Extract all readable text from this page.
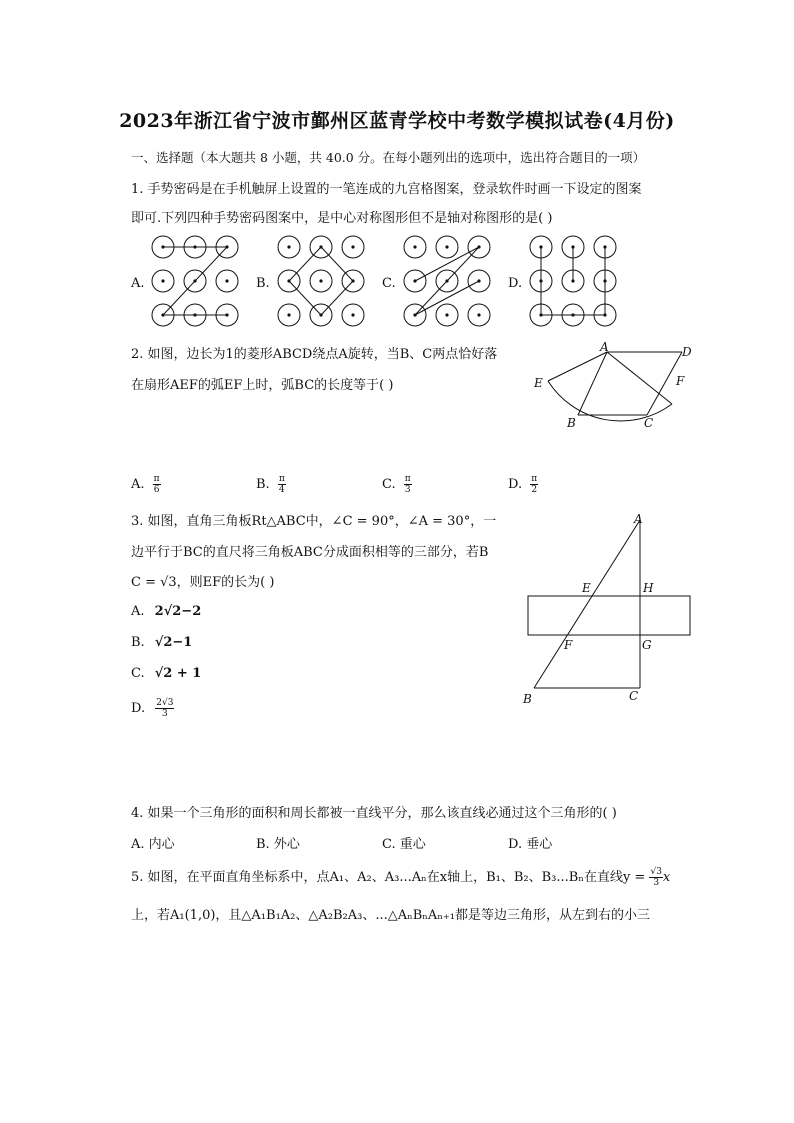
2023年浙江省宁波市鄞州区蓝青学校中考数学模拟试卷(4月份)
一、选择题（本大题共 8 小题，共 40.0 分。在每小题列出的选项中，选出符合题目的一项）
1. 手势密码是在手机触屏上设置的一笔连成的九宫格图案，登录软件时画一下设定的图案
即可.下列四种手势密码图案中，是中心对称图形但不是轴对称图形的是( )
A.	B.	C.	D.
2. 如图，边长为1的菱形ABCD绕点A旋转，当B、C两点恰好落
在扇形AEF的弧EF上时，弧BC的长度等于( )
A	D
E	F
B	C
A. $\frac{\pi}{6}$	B. $\frac{\pi}{4}$	C. $\frac{\pi}{3}$	D. $\frac{\pi}{2}$
3. 如图，直角三角板Rt△ABC中，∠C = 90°，∠A = 30°，一
边平行于BC的直尺将三角板ABC分成面积相等的三部分，若B
C = √3，则EF的长为( )
A. 2√2−2
B. √2−1
C. √2 + 1
D. $\frac{2√3}{3}$
A
E	H
F	G
B	C
4. 如果一个三角形的面积和周长都被一直线平分，那么该直线必通过这个三角形的( )
A. 内心	B. 外心	C. 重心	D. 垂心
5. 如图，在平面直角坐标系中，点A₁、A₂、A₃...Aₙ在x轴上，B₁、B₂、B₃...Bₙ在直线$y = \frac{√3}{3}$ x
上，若A₁(1,0)，且△A₁B₁A₂、△A₂B₂A₃、...△AₙBₙAₙ₊₁都是等边三角形，从左到右的小三
